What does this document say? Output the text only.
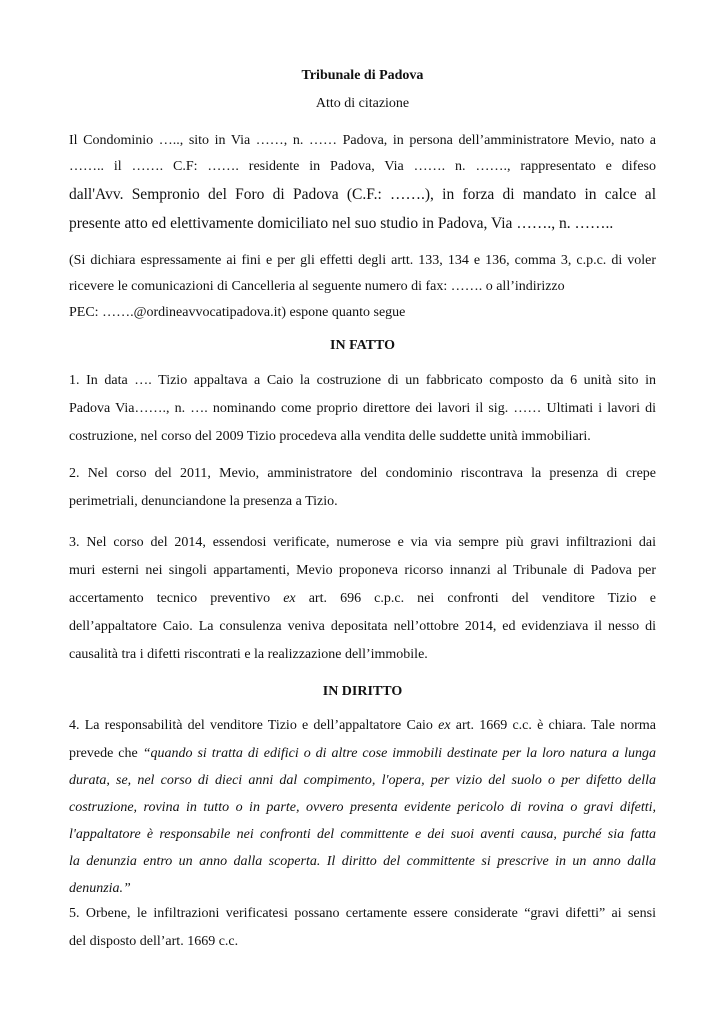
Tribunale di Padova

Atto di citazione

Il Condominio ….., sito in Via ……, n. …… Padova, in persona dell’amministratore Mevio, nato a
…….. il ……. C.F: ……. residente in Padova, Via ……. n. ……., rappresentato e difeso
dall'Avv. Sempronio del Foro di Padova (C.F.: …….), in forza di mandato in calce al
presente atto ed elettivamente domiciliato nel suo studio in Padova, Via ……., n. ……..
(Si dichiara espressamente ai fini e per gli effetti degli artt. 133, 134 e 136, comma 3, c.p.c. di voler
ricevere le comunicazioni di Cancelleria al seguente numero di fax: ……. o all’indirizzo
PEC: …….@ordineavvocatipadova.it) espone quanto segue

IN FATTO

1. In data …. Tizio appaltava a Caio la costruzione di un fabbricato composto da 6 unità sito in
Padova Via……., n. …. nominando come proprio direttore dei lavori il sig. …… Ultimati i lavori di
costruzione, nel corso del 2009 Tizio procedeva alla vendita delle suddette unità immobiliari.
2. Nel corso del 2011, Mevio, amministratore del condominio riscontrava la presenza di crepe
perimetriali, denunciandone la presenza a Tizio.
3. Nel corso del 2014, essendosi verificate, numerose e via via sempre più gravi infiltrazioni dai
muri esterni nei singoli appartamenti, Mevio proponeva ricorso innanzi al Tribunale di Padova per
accertamento tecnico preventivo ex art. 696 c.p.c. nei confronti del venditore Tizio e
dell’appaltatore Caio. La consulenza veniva depositata nell’ottobre 2014, ed evidenziava il nesso di
causalità tra i difetti riscontrati e la realizzazione dell’immobile.

IN DIRITTO

4. La responsabilità del venditore Tizio e dell’appaltatore Caio ex art. 1669 c.c. è chiara. Tale norma
prevede che “quando si tratta di edifici o di altre cose immobili destinate per la loro natura a lunga
durata, se, nel corso di dieci anni dal compimento, l'opera, per vizio del suolo o per difetto della
costruzione, rovina in tutto o in parte, ovvero presenta evidente pericolo di rovina o gravi difetti,
l'appaltatore è responsabile nei confronti del committente e dei suoi aventi causa, purché sia fatta
la denunzia entro un anno dalla scoperta. Il diritto del committente si prescrive in un anno dalla
denunzia.”
5. Orbene, le infiltrazioni verificatesi possano certamente essere considerate “gravi difetti” ai sensi
del disposto dell’art. 1669 c.c.
